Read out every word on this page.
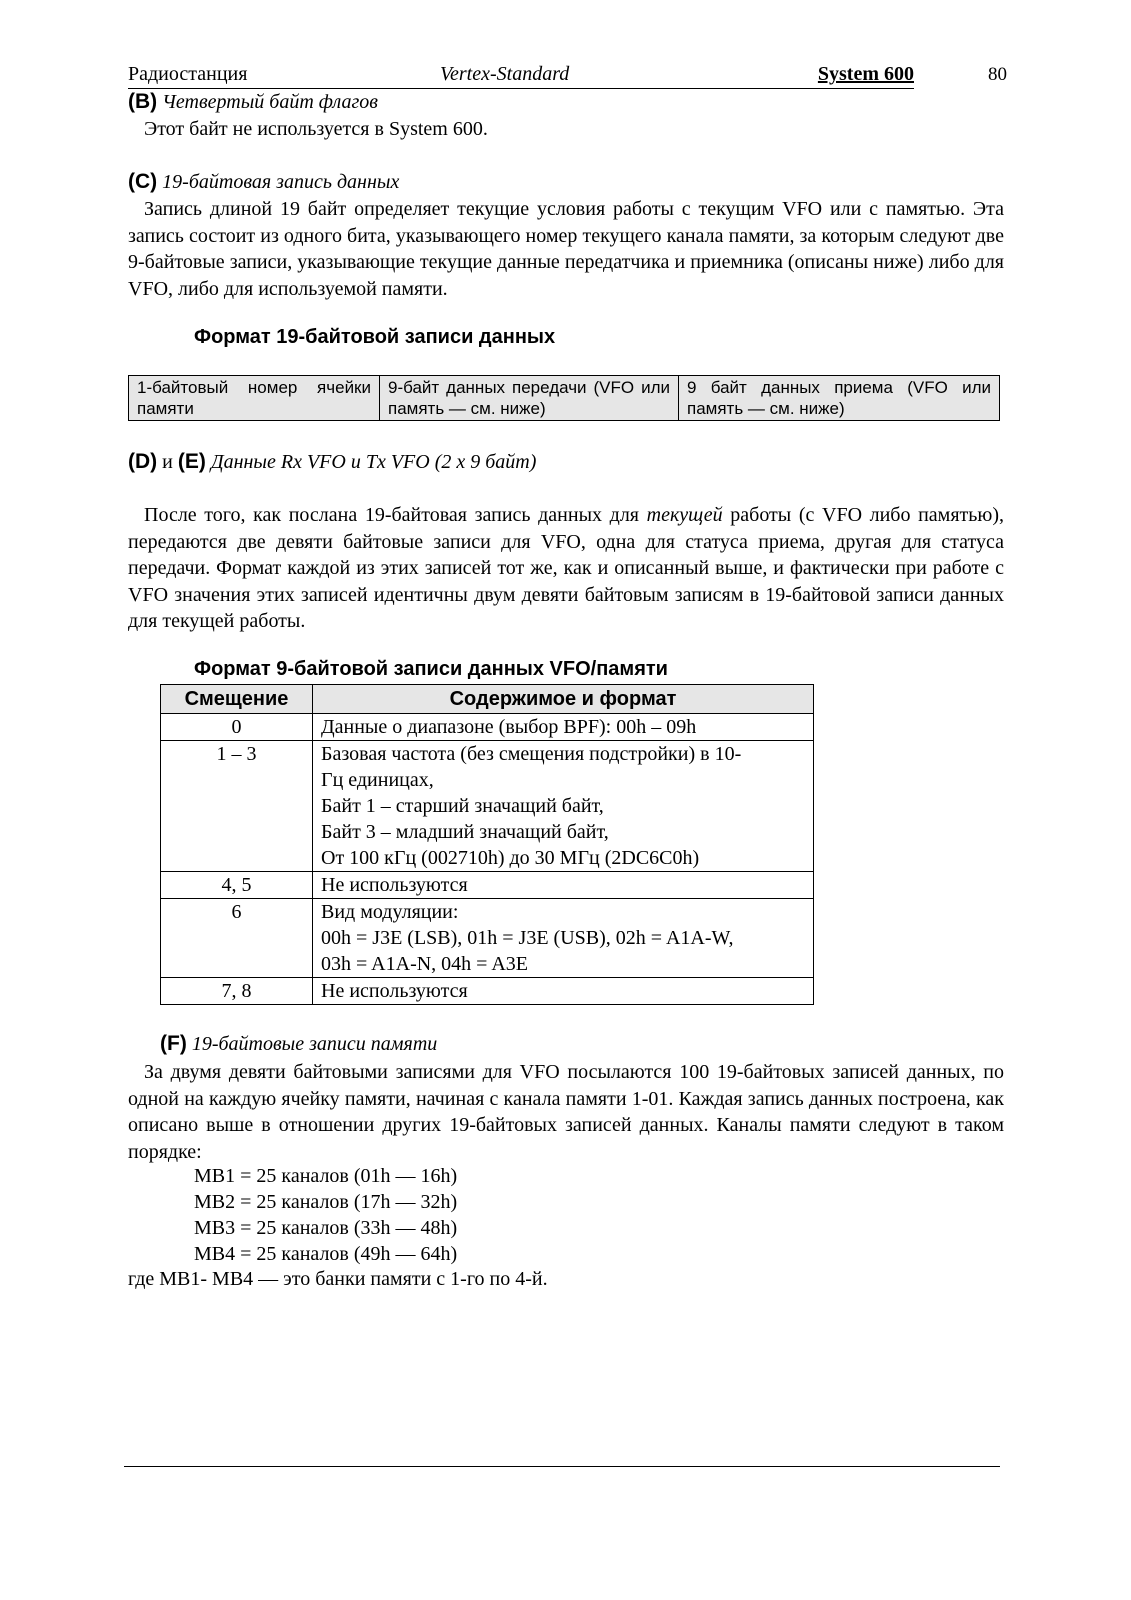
Радиостанция	Vertex-Standard	System 600	80
(B) Четвертый байт флагов
Этот байт не используется в System 600.
(C) 19-байтовая запись данных
Запись длиной 19 байт определяет текущие условия работы с текущим VFO или с памятью. Эта запись состоит из одного бита, указывающего номер текущего канала памяти, за которым следуют две 9-байтовые записи, указывающие текущие данные передатчика и приемника (описаны ниже) либо для VFO, либо для используемой памяти.
Формат 19-байтовой записи данных
1-байтовый номер ячейки памяти	9-байт данных передачи (VFO или память — см. ниже)	9 байт данных приема (VFO или память — см. ниже)
(D) и (E) Данные Rx VFO и Tx VFO (2 x 9 байт)
После того, как послана 19-байтовая запись данных для текущей работы (с VFO либо памятью), передаются две девяти байтовые записи для VFO, одна для статуса приема, другая для статуса передачи. Формат каждой из этих записей тот же, как и описанный выше, и фактически при работе с VFO значения этих записей идентичны двум девяти байтовым записям в 19-байтовой записи данных для текущей работы.
Формат 9-байтовой записи данных VFO/памяти
Смещение	Содержимое и формат
0	Данные о диапазоне (выбор BPF): 00h – 09h

1 – 3	Базовая частота (без смещения подстройки) в 10-
Гц единицах,
Байт 1 – старший значащий байт,
Байт 3 – младший значащий байт,
От 100 кГц (002710h) до 30 МГц (2DC6C0h)

4, 5	Не используются

6	Вид модуляции:
00h = J3E (LSB), 01h = J3E (USB), 02h = A1A-W,
03h = A1A-N, 04h = A3E

7, 8	Не используются
(F) 19-байтовые записи памяти
За двумя девяти байтовыми записями для VFO посылаются 100 19-байтовых записей данных, по одной на каждую ячейку памяти, начиная с канала памяти 1-01. Каждая запись данных построена, как описано выше в отношении других 19-байтовых записей данных. Каналы памяти следуют в таком порядке:
MB1 = 25 каналов (01h — 16h)
MB2 = 25 каналов (17h — 32h)
MB3 = 25 каналов (33h — 48h)
MB4 = 25 каналов (49h — 64h)
где MB1- MB4 — это банки памяти с 1-го по 4-й.
